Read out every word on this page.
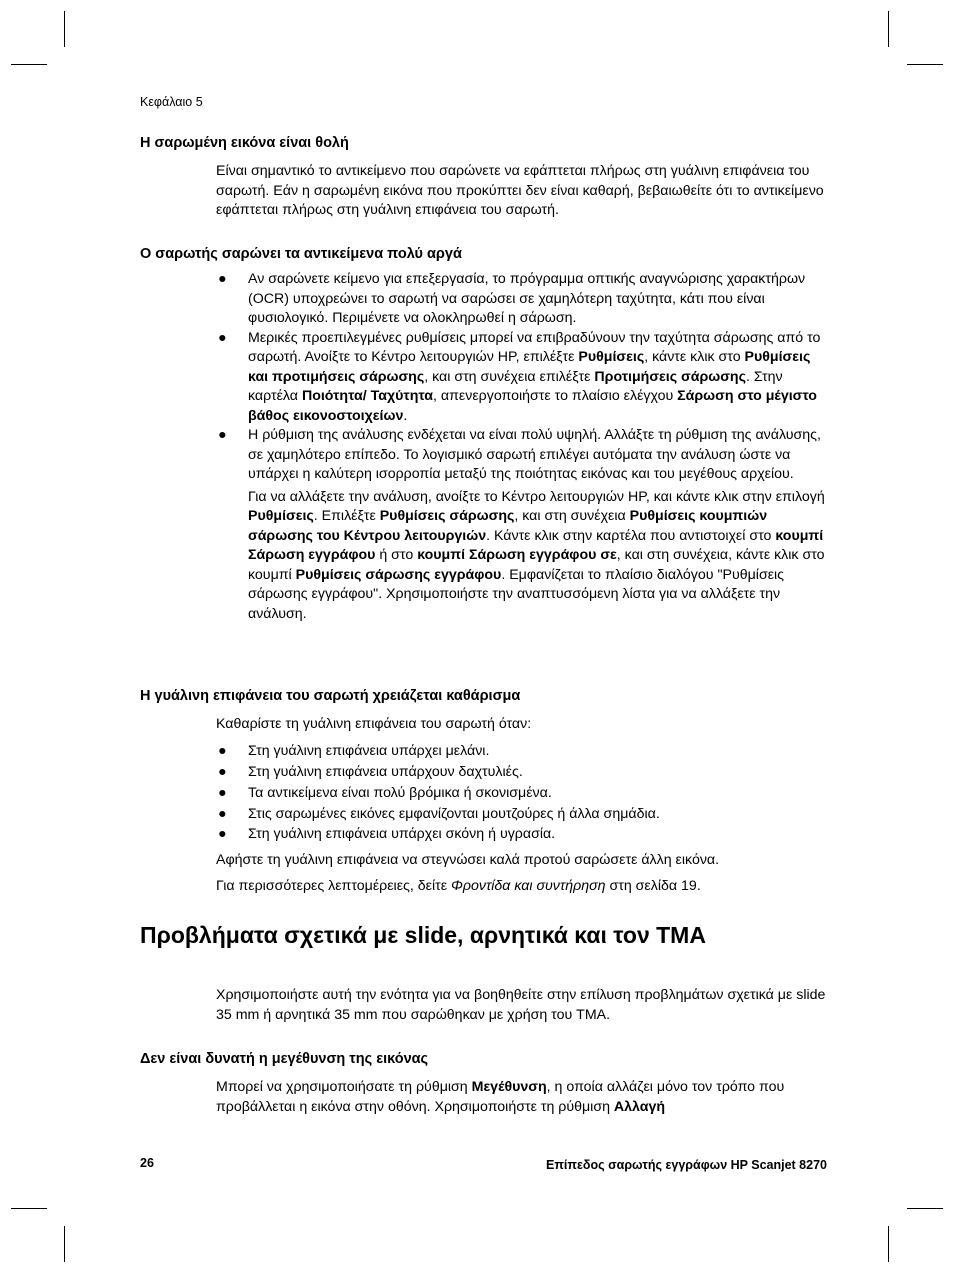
Κεφάλαιο 5
Η σαρωμένη εικόνα είναι θολή

Είναι σημαντικό το αντικείμενο που σαρώνετε να εφάπτεται πλήρως στη γυάλινη επιφάνεια του σαρωτή. Εάν η σαρωμένη εικόνα που προκύπτει δεν είναι καθαρή, βεβαιωθείτε ότι το αντικείμενο εφάπτεται πλήρως στη γυάλινη επιφάνεια του σαρωτή.

Ο σαρωτής σαρώνει τα αντικείμενα πολύ αργά
● Αν σαρώνετε κείμενο για επεξεργασία, το πρόγραμμα οπτικής αναγνώρισης χαρακτήρων (OCR) υποχρεώνει το σαρωτή να σαρώσει σε χαμηλότερη ταχύτητα, κάτι που είναι φυσιολογικό. Περιμένετε να ολοκληρωθεί η σάρωση.
● Μερικές προεπιλεγμένες ρυθμίσεις μπορεί να επιβραδύνουν την ταχύτητα σάρωσης από το σαρωτή. Ανοίξτε το Κέντρο λειτουργιών HP, επιλέξτε Ρυθμίσεις, κάντε κλικ στο Ρυθμίσεις και προτιμήσεις σάρωσης, και στη συνέχεια επιλέξτε Προτιμήσεις σάρωσης. Στην καρτέλα Ποιότητα/ Ταχύτητα, απενεργοποιήστε το πλαίσιο ελέγχου Σάρωση στο μέγιστο βάθος εικονοστοιχείων.
● Η ρύθμιση της ανάλυσης ενδέχεται να είναι πολύ υψηλή. Αλλάξτε τη ρύθμιση της ανάλυσης, σε χαμηλότερο επίπεδο. Το λογισμικό σαρωτή επιλέγει αυτόματα την ανάλυση ώστε να υπάρχει η καλύτερη ισορροπία μεταξύ της ποιότητας εικόνας και του μεγέθους αρχείου.
Για να αλλάξετε την ανάλυση, ανοίξτε το Κέντρο λειτουργιών HP, και κάντε κλικ στην επιλογή Ρυθμίσεις. Επιλέξτε Ρυθμίσεις σάρωσης, και στη συνέχεια Ρυθμίσεις κουμπιών σάρωσης του Κέντρου λειτουργιών. Κάντε κλικ στην καρτέλα που αντιστοιχεί στο κουμπί Σάρωση εγγράφου ή στο κουμπί Σάρωση εγγράφου σε, και στη συνέχεια, κάντε κλικ στο κουμπί Ρυθμίσεις σάρωσης εγγράφου. Εμφανίζεται το πλαίσιο διαλόγου "Ρυθμίσεις σάρωσης εγγράφου". Χρησιμοποιήστε την αναπτυσσόμενη λίστα για να αλλάξετε την ανάλυση.
Η γυάλινη επιφάνεια του σαρωτή χρειάζεται καθάρισμα

Καθαρίστε τη γυάλινη επιφάνεια του σαρωτή όταν:

● Στη γυάλινη επιφάνεια υπάρχει μελάνι.
● Στη γυάλινη επιφάνεια υπάρχουν δαχτυλιές.
● Τα αντικείμενα είναι πολύ βρόμικα ή σκονισμένα.
● Στις σαρωμένες εικόνες εμφανίζονται μουτζούρες ή άλλα σημάδια.
● Στη γυάλινη επιφάνεια υπάρχει σκόνη ή υγρασία.

Αφήστε τη γυάλινη επιφάνεια να στεγνώσει καλά προτού σαρώσετε άλλη εικόνα.

Για περισσότερες λεπτομέρειες, δείτε Φροντίδα και συντήρηση στη σελίδα 19.

Προβλήματα σχετικά με slide, αρνητικά και τον TMA

Χρησιμοποιήστε αυτή την ενότητα για να βοηθηθείτε στην επίλυση προβλημάτων σχετικά με slide 35 mm ή αρνητικά 35 mm που σαρώθηκαν με χρήση του TMA.

Δεν είναι δυνατή η μεγέθυνση της εικόνας

Μπορεί να χρησιμοποιήσατε τη ρύθμιση Μεγέθυνση, η οποία αλλάζει μόνο τον τρόπο που προβάλλεται η εικόνα στην οθόνη. Χρησιμοποιήστε τη ρύθμιση Αλλαγή

26	Επίπεδος σαρωτής εγγράφων HP Scanjet 8270
